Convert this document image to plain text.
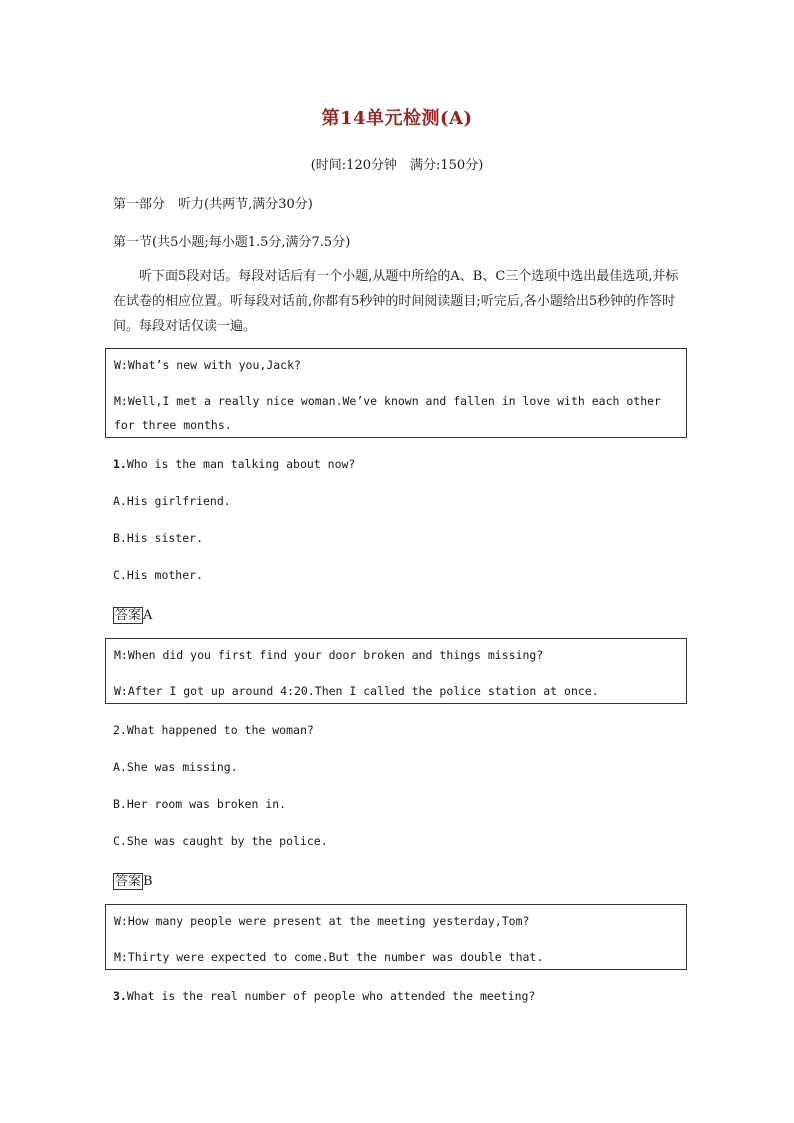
第14单元检测(A)
(时间:120分钟　满分:150分)
第一部分　听力(共两节,满分30分)
第一节(共5小题;每小题1.5分,满分7.5分)
听下面5段对话。每段对话后有一个小题,从题中所给的A、B、C三个选项中选出最佳选项,并标在试卷的相应位置。听每段对话前,你都有5秒钟的时间阅读题目;听完后,各小题给出5秒钟的作答时间。每段对话仅读一遍。
W:What’s new with you,Jack?
M:Well,I met a really nice woman.We’ve known and fallen in love with each other for three months.
1.Who is the man talking about now?
A.His girlfriend.
B.His sister.
C.His mother.
答案 A
M:When did you first find your door broken and things missing?
W:After I got up around 4:20.Then I called the police station at once.
2.What happened to the woman?
A.She was missing.
B.Her room was broken in.
C.She was caught by the police.
答案 B
W:How many people were present at the meeting yesterday,Tom?
M:Thirty were expected to come.But the number was double that.
3.What is the real number of people who attended the meeting?
